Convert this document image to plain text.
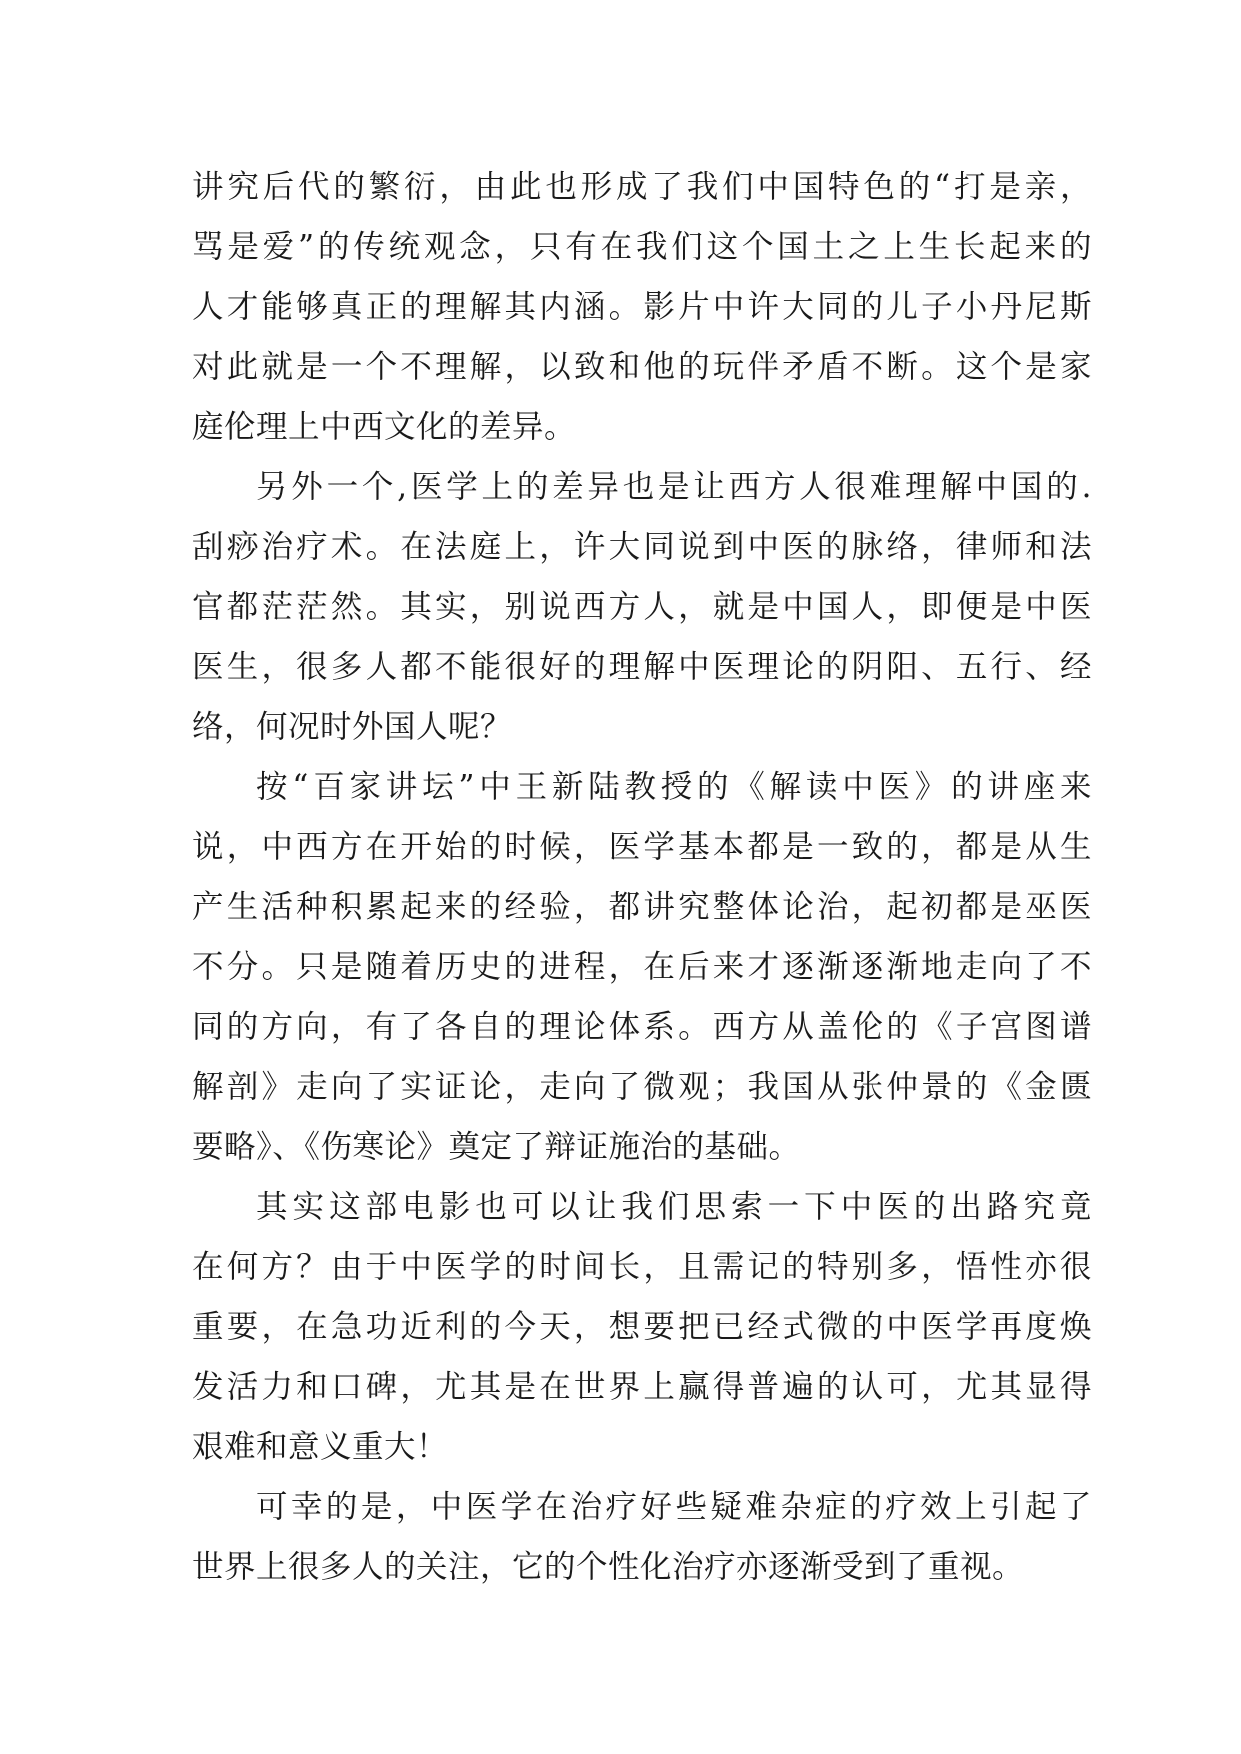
讲究后代的繁衍，由此也形成了我们中国特色的“打是亲，
骂是爱”的传统观念，只有在我们这个国土之上生长起来的
人才能够真正的理解其内涵。影片中许大同的儿子小丹尼斯
对此就是一个不理解，以致和他的玩伴矛盾不断。这个是家
庭伦理上中西文化的差异。
另外一个,医学上的差异也是让西方人很难理解中国的.
刮痧治疗术。在法庭上，许大同说到中医的脉络，律师和法
官都茫茫然。其实，别说西方人，就是中国人，即便是中医
医生，很多人都不能很好的理解中医理论的阴阳、五行、经
络，何况时外国人呢？
按“百家讲坛”中王新陆教授的《解读中医》的讲座来
说，中西方在开始的时候，医学基本都是一致的，都是从生
产生活种积累起来的经验，都讲究整体论治，起初都是巫医
不分。只是随着历史的进程，在后来才逐渐逐渐地走向了不
同的方向，有了各自的理论体系。西方从盖伦的《子宫图谱
解剖》走向了实证论，走向了微观；我国从张仲景的《金匮
要略》、《伤寒论》奠定了辩证施治的基础。
其实这部电影也可以让我们思索一下中医的出路究竟
在何方？由于中医学的时间长，且需记的特别多，悟性亦很
重要，在急功近利的今天，想要把已经式微的中医学再度焕
发活力和口碑，尤其是在世界上赢得普遍的认可，尤其显得
艰难和意义重大！
可幸的是，中医学在治疗好些疑难杂症的疗效上引起了
世界上很多人的关注，它的个性化治疗亦逐渐受到了重视。
